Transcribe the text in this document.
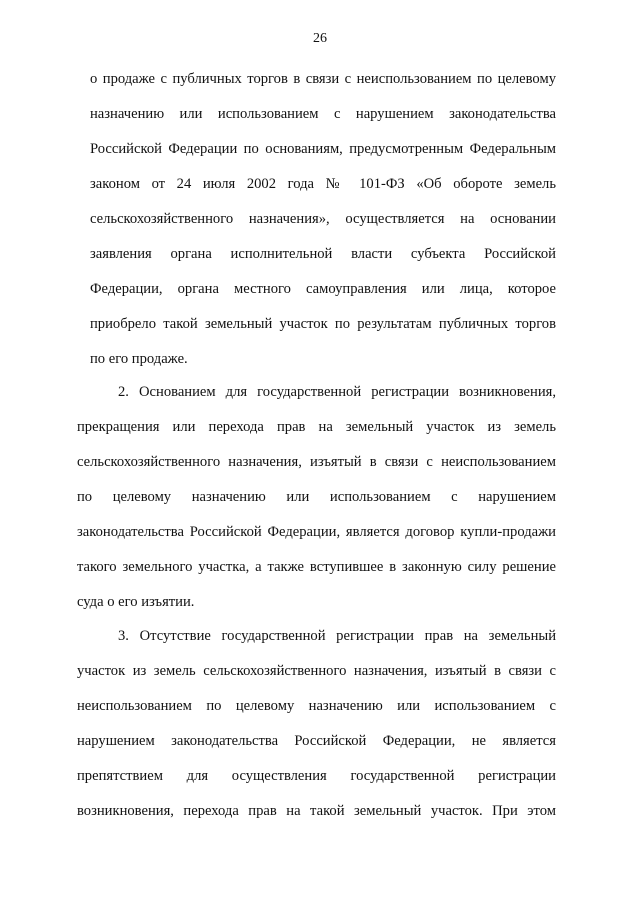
26
о продаже с публичных торгов в связи с неиспользованием по целевому
назначению или использованием с нарушением законодательства
Российской Федерации по основаниям, предусмотренным Федеральным
законом от 24 июля 2002 года № 101-ФЗ «Об обороте земель
сельскохозяйственного назначения», осуществляется на основании
заявления органа исполнительной власти субъекта Российской
Федерации, органа местного самоуправления или лица, которое
приобрело такой земельный участок по результатам публичных торгов
по его продаже.
2. Основанием для государственной регистрации возникновения,
прекращения или перехода прав на земельный участок из земель
сельскохозяйственного назначения, изъятый в связи с неиспользованием
по целевому назначению или использованием с нарушением
законодательства Российской Федерации, является договор купли-продажи
такого земельного участка, а также вступившее в законную силу решение
суда о его изъятии.
3. Отсутствие государственной регистрации прав на земельный
участок из земель сельскохозяйственного назначения, изъятый в связи с
неиспользованием по целевому назначению или использованием с
нарушением законодательства Российской Федерации, не является
препятствием для осуществления государственной регистрации
возникновения, перехода прав на такой земельный участок. При этом
